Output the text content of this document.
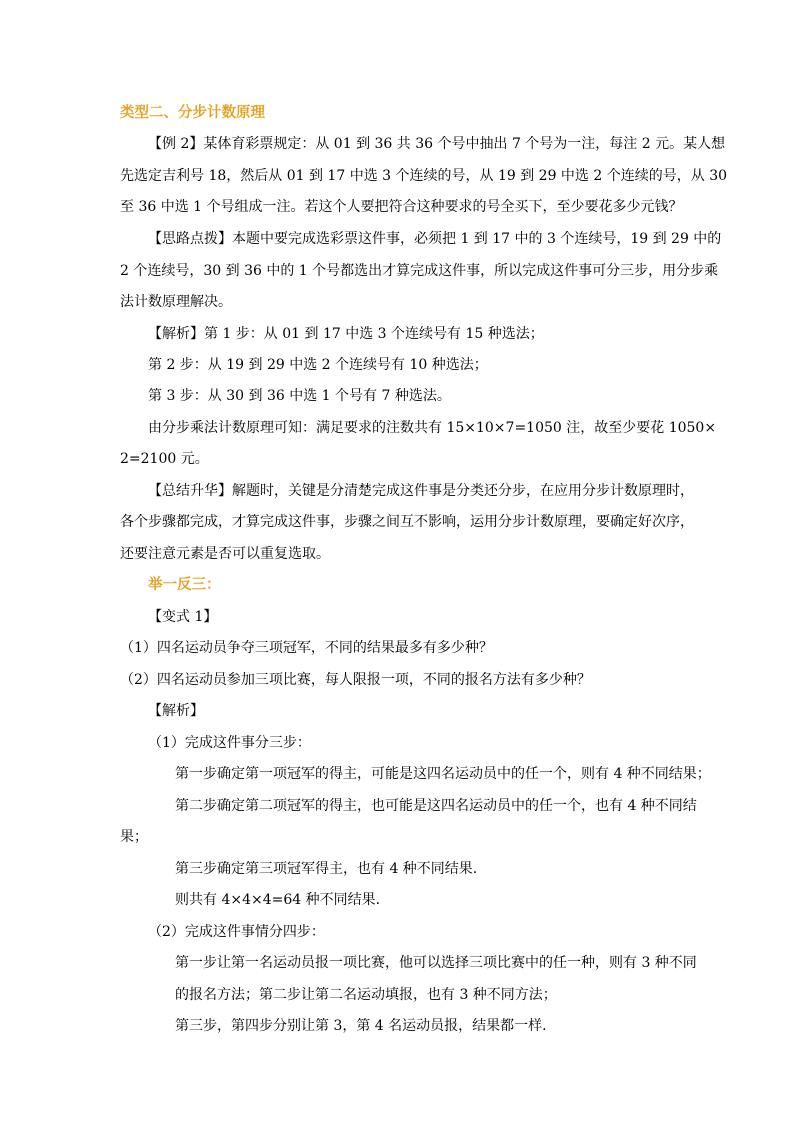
类型二、分步计数原理

【例 2】某体育彩票规定：从 01 到 36 共 36 个号中抽出 7 个号为一注，每注 2 元。某人想

先选定吉利号 18，然后从 01 到 17 中选 3 个连续的号，从 19 到 29 中选 2 个连续的号，从 30

至 36 中选 1 个号组成一注。若这个人要把符合这种要求的号全买下，至少要花多少元钱？

【思路点拨】本题中要完成选彩票这件事，必须把 1 到 17 中的 3 个连续号，19 到 29 中的

2 个连续号，30 到 36 中的 1 个号都选出才算完成这件事，所以完成这件事可分三步，用分步乘

法计数原理解决。

【解析】第 1 步：从 01 到 17 中选 3 个连续号有 15 种选法；

第 2 步：从 19 到 29 中选 2 个连续号有 10 种选法；

第 3 步：从 30 到 36 中选 1 个号有 7 种选法。

由分步乘法计数原理可知：满足要求的注数共有 15×10×7=1050 注，故至少要花 1050×

2=2100 元。

【总结升华】解题时，关键是分清楚完成这件事是分类还分步，在应用分步计数原理时，

各个步骤都完成，才算完成这件事，步骤之间互不影响，运用分步计数原理，要确定好次序，

还要注意元素是否可以重复选取。

举一反三：

【变式 1】

（1）四名运动员争夺三项冠军，不同的结果最多有多少种？

（2）四名运动员参加三项比赛，每人限报一项，不同的报名方法有多少种？

【解析】

（1）完成这件事分三步：

第一步确定第一项冠军的得主，可能是这四名运动员中的任一个，则有 4 种不同结果；

第二步确定第二项冠军的得主，也可能是这四名运动员中的任一个，也有 4 种不同结

果；

第三步确定第三项冠军得主，也有 4 种不同结果.

则共有 4×4×4=64 种不同结果.

（2）完成这件事情分四步：

第一步让第一名运动员报一项比赛，他可以选择三项比赛中的任一种，则有 3 种不同

的报名方法；第二步让第二名运动填报，也有 3 种不同方法；

第三步，第四步分别让第 3，第 4 名运动员报，结果都一样.
